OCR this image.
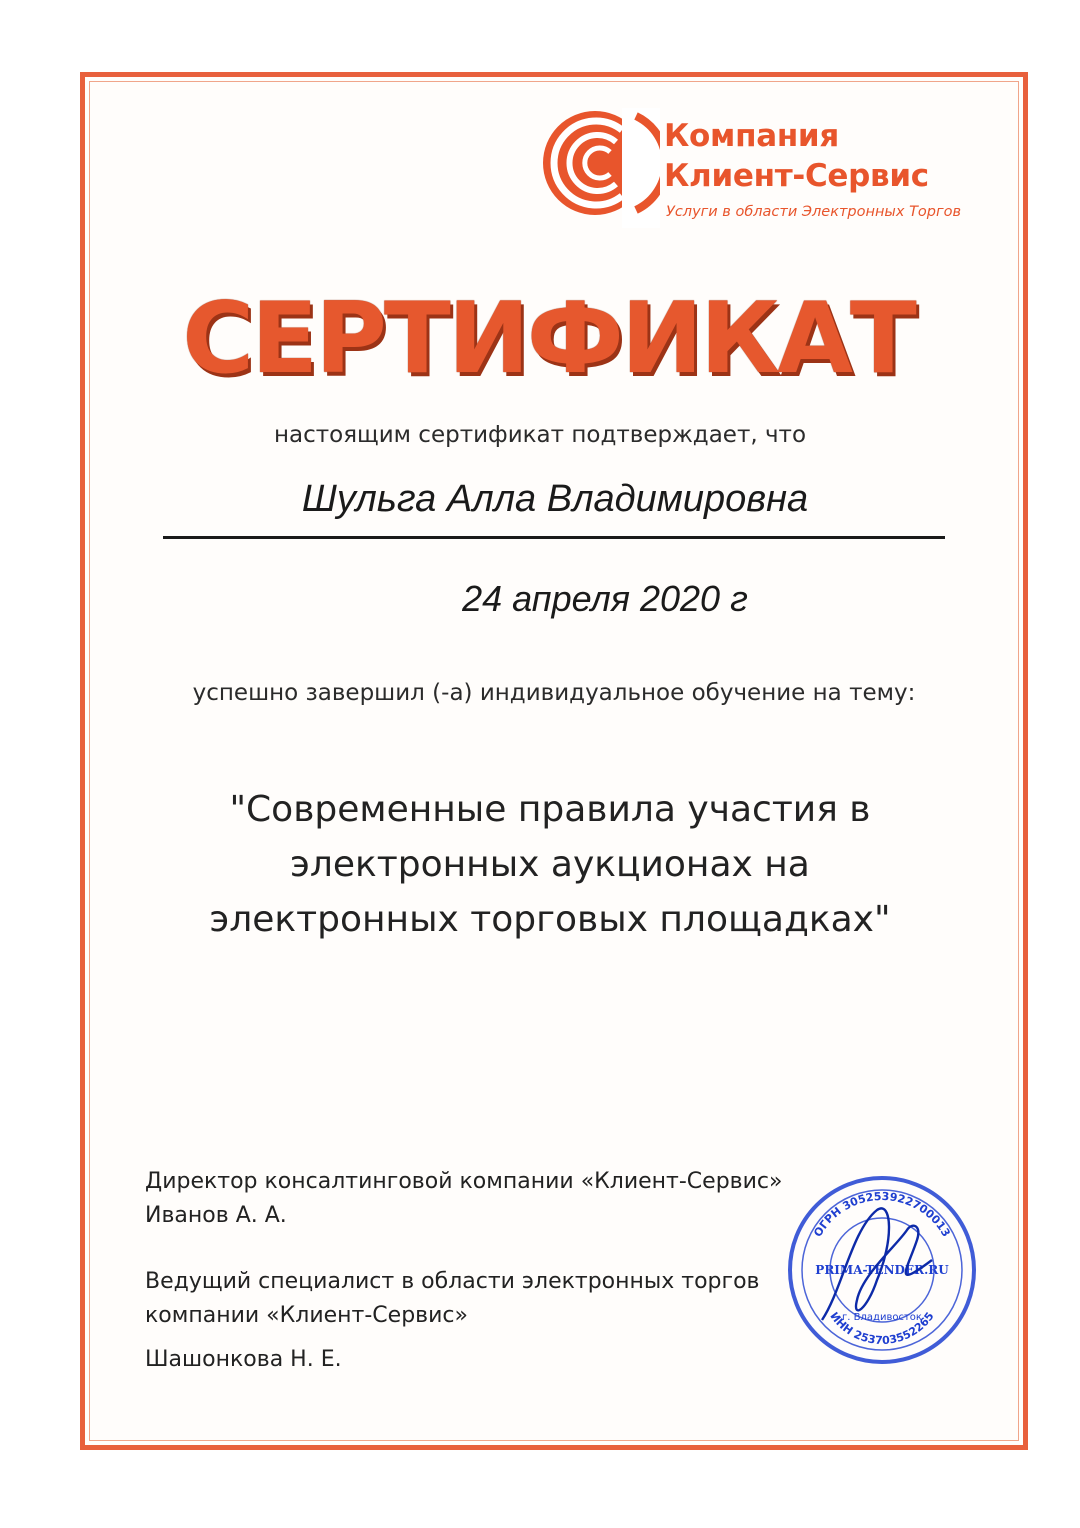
Компания
Клиент-Сервис
Услуги в области Электронных Торгов
СЕРТИФИКАТ
настоящим сертификат подтверждает, что
Шульга Алла Владимировна
24 апреля 2020 г
успешно завершил (-а) индивидуальное обучение на тему:
"Современные правила участия в
электронных аукционах на
электронных торговых площадках"
Директор консалтинговой компании «Клиент-Сервис»
Иванов А. А.
Ведущий специалист в области электронных торгов
компании «Клиент-Сервис»
Шашонкова Н. Е.
ОГРН 305253922700013
ИНН 253703552265
PRIMA-TENDER.RU
г. Владивосток
